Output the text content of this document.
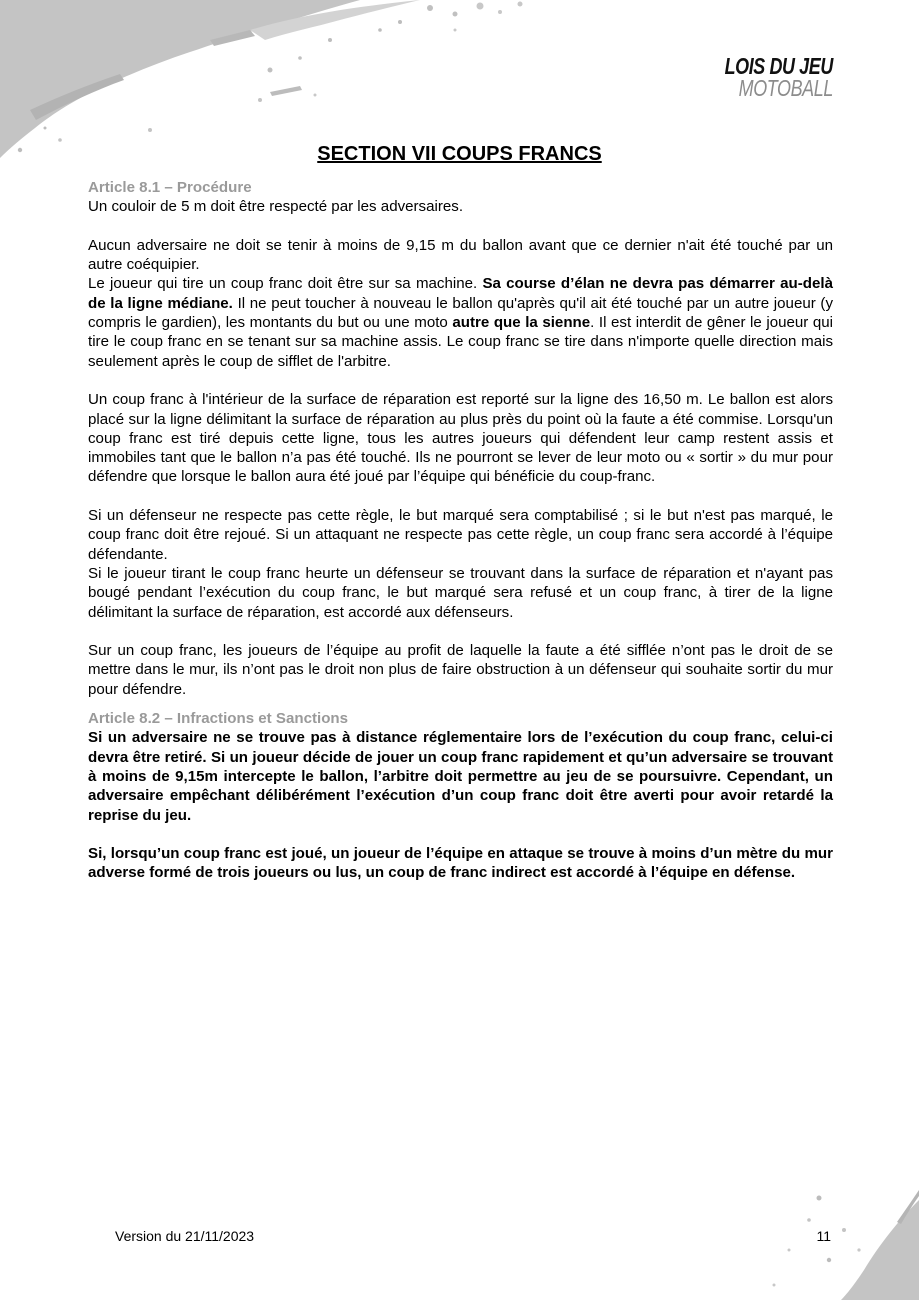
LOIS DU JEU
MOTOBALL
SECTION VII COUPS FRANCS

Article 8.1 – Procédure

Un couloir de 5 m doit être respecté par les adversaires.

Aucun adversaire ne doit se tenir à moins de 9,15 m du ballon avant que ce dernier n'ait été touché par un autre coéquipier.

Le joueur qui tire un coup franc doit être sur sa machine. Sa course d’élan ne devra pas démarrer au-delà de la ligne médiane. Il ne peut toucher à nouveau le ballon qu'après qu'il ait été touché par un autre joueur (y compris le gardien), les montants du but ou une moto autre que la sienne. Il est interdit de gêner le joueur qui tire le coup franc en se tenant sur sa machine assis. Le coup franc se tire dans n'importe quelle direction mais seulement après le coup de sifflet de l'arbitre.

Un coup franc à l'intérieur de la surface de réparation est reporté sur la ligne des 16,50 m. Le ballon est alors placé sur la ligne délimitant la surface de réparation au plus près du point où la faute a été commise. Lorsqu'un coup franc est tiré depuis cette ligne, tous les autres joueurs qui défendent leur camp restent assis et immobiles tant que le ballon n’a pas été touché. Ils ne pourront se lever de leur moto ou « sortir » du mur pour défendre que lorsque le ballon aura été joué par l’équipe qui bénéficie du coup-franc.

Si un défenseur ne respecte pas cette règle, le but marqué sera comptabilisé ; si le but n'est pas marqué, le coup franc doit être rejoué. Si un attaquant ne respecte pas cette règle, un coup franc sera accordé à l’équipe défendante.

Si le joueur tirant le coup franc heurte un défenseur se trouvant dans la surface de réparation et n'ayant pas bougé pendant l’exécution du coup franc, le but marqué sera refusé et un coup franc, à tirer de la ligne délimitant la surface de réparation, est accordé aux défenseurs.

Sur un coup franc, les joueurs de l’équipe au profit de laquelle la faute a été sifflée n’ont pas le droit de se mettre dans le mur, ils n’ont pas le droit non plus de faire obstruction à un défenseur qui souhaite sortir du mur pour défendre.

Article 8.2 – Infractions et Sanctions

Si un adversaire ne se trouve pas à distance réglementaire lors de l’exécution du coup franc, celui-ci devra être retiré. Si un joueur décide de jouer un coup franc rapidement et qu’un adversaire se trouvant à moins de 9,15m intercepte le ballon, l’arbitre doit permettre au jeu de se poursuivre. Cependant, un adversaire empêchant délibérément l’exécution d’un coup franc doit être averti pour avoir retardé la reprise du jeu.

Si, lorsqu’un coup franc est joué, un joueur de l’équipe en attaque se trouve à moins d’un mètre du mur adverse formé de trois joueurs ou lus, un coup de franc indirect est accordé à l’équipe en défense.

Version du 21/11/2023	11
